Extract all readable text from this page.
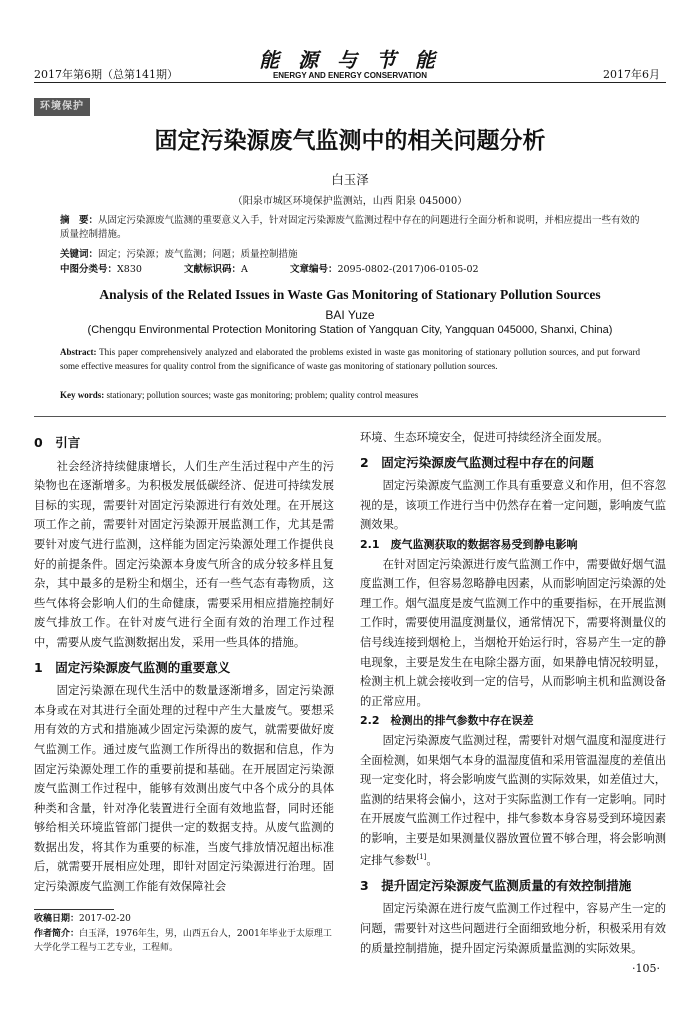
2017年第6期（总第141期）
能 源 与 节 能
ENERGY AND ENERGY CONSERVATION	2017年6月
环境保护
固定污染源废气监测中的相关问题分析
白玉泽
（阳泉市城区环境保护监测站，山西 阳泉 045000）
摘　要：从固定污染源废气监测的重要意义入手，针对固定污染源废气监测过程中存在的问题进行全面分析和说明，并相应提出一些有效的质量控制措施。
关键词：固定；污染源；废气监测；问题；质量控制措施
中图分类号：X830	文献标识码：A	文章编号：2095-0802-(2017)06-0105-02
Analysis of the Related Issues in Waste Gas Monitoring of Stationary Pollution Sources
BAI Yuze
(Chengqu Environmental Protection Monitoring Station of Yangquan City, Yangquan 045000, Shanxi, China)
Abstract: This paper comprehensively analyzed and elaborated the problems existed in waste gas monitoring of stationary pollution sources, and put forward some effective measures for quality control from the significance of waste gas monitoring of stationary pollution sources.
Key words: stationary; pollution sources; waste gas monitoring; problem; quality control measures
0　引言

社会经济持续健康增长，人们生产生活过程中产生的污染物也在逐渐增多。为积极发展低碳经济、促进可持续发展目标的实现，需要针对固定污染源进行有效处理。在开展这项工作之前，需要针对固定污染源开展监测工作，尤其是需要针对废气进行监测，这样能为固定污染源处理工作提供良好的前提条件。固定污染源本身废气所含的成分较多样且复杂，其中最多的是粉尘和烟尘，还有一些气态有毒物质，这些气体将会影响人们的生命健康，需要采用相应措施控制好废气排放工作。在针对废气进行全面有效的治理工作过程中，需要从废气监测数据出发，采用一些具体的措施。

1　固定污染源废气监测的重要意义

固定污染源在现代生活中的数量逐渐增多，固定污染源本身或在对其进行全面处理的过程中产生大量废气。要想采用有效的方式和措施减少固定污染源的废气，就需要做好废气监测工作。通过废气监测工作所得出的数据和信息，作为固定污染源处理工作的重要前提和基础。在开展固定污染源废气监测工作过程中，能够有效测出废气中各个成分的具体种类和含量，针对净化装置进行全面有效地监督，同时还能够给相关环境监管部门提供一定的数据支持。从废气监测的数据出发，将其作为重要的标准，当废气排放情况超出标准后，就需要开展相应处理，即针对固定污染源进行治理。固定污染源废气监测工作能有效保障社会

环境、生态环境安全，促进可持续经济全面发展。

2　固定污染源废气监测过程中存在的问题

固定污染源废气监测工作具有重要意义和作用，但不容忽视的是，该项工作进行当中仍然存在着一定问题，影响废气监测效果。

2.1　废气监测获取的数据容易受到静电影响

在针对固定污染源进行废气监测工作中，需要做好烟气温度监测工作，但容易忽略静电因素，从而影响固定污染源的处理工作。烟气温度是废气监测工作中的重要指标，在开展监测工作时，需要使用温度测量仪，通常情况下，需要将测量仪的信号线连接到烟枪上，当烟枪开始运行时，容易产生一定的静电现象，主要是发生在电除尘器方面，如果静电情况较明显，检测主机上就会接收到一定的信号，从而影响主机和监测设备的正常应用。

2.2　检测出的排气参数中存在误差

固定污染源废气监测过程，需要针对烟气温度和湿度进行全面检测，如果烟气本身的温湿度值和采用管温湿度的差值出现一定变化时，将会影响废气监测的实际效果，如差值过大，监测的结果将会偏小，这对于实际监测工作有一定影响。同时在开展废气监测工作过程中，排气参数本身容易受到环境因素的影响，主要是如果测量仪器放置位置不够合理，将会影响测定排气参数[1]。

3　提升固定污染源废气监测质量的有效控制措施

固定污染源在进行废气监测工作过程中，容易产生一定的问题，需要针对这些问题进行全面细致地分析，积极采用有效的质量控制措施，提升固定污染源质量监测的实际效果。

收稿日期：2017-02-20
作者简介：白玉泽，1976年生，男，山西五台人，2001年毕业于太原理工大学化学工程与工艺专业，工程师。
·105·
